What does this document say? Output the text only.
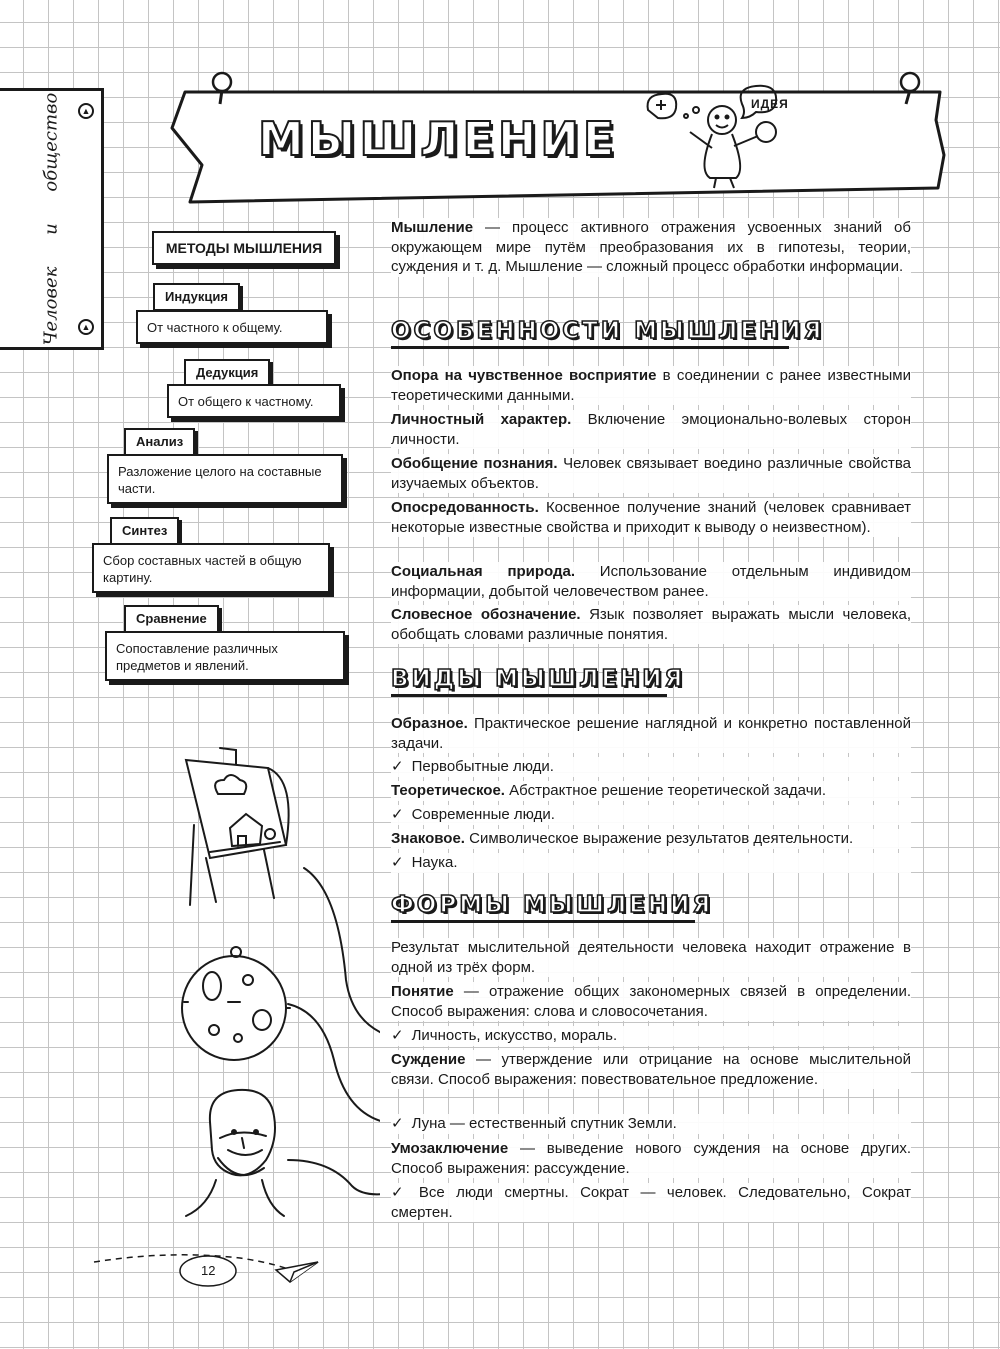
▲
Человек и общество	▲
МЫШЛЕНИЕ
ИДЕЯ
МЕТОДЫ МЫШЛЕНИЯ
Индукция
От частного к общему.
Дедукция
От общего к частному.
Анализ
Разложение целого на составные части.
Синтез
Сбор составных частей в общую картину.
Сравнение
Сопоставление различных предметов и явлений.
Мышление — процесс активного отражения усвоенных знаний об окружающем мире путём преобразования их в гипотезы, теории, суждения и т. д. Мышление — сложный процесс обработки информации.
ОСОБЕННОСТИ МЫШЛЕНИЯ
Опора на чувственное восприятие в соединении с ранее известными теоретическими данными.
Личностный характер. Включение эмоционально-волевых сторон личности.
Обобщение познания. Человек связывает воедино различные свойства изучаемых объектов.
Опосредованность. Косвенное получение знаний (человек сравнивает некоторые известные свойства и приходит к выводу о неизвестном).
Социальная природа. Использование отдельным индивидом информации, добытой человечеством ранее.
Словесное обозначение. Язык позволяет выражать мысли человека, обобщать словами различные понятия.
ВИДЫ МЫШЛЕНИЯ
Образное. Практическое решение наглядной и конкретно поставленной задачи.
✓ Первобытные люди.
Теоретическое. Абстрактное решение теоретической задачи.
✓ Современные люди.
Знаковое. Символическое выражение результатов деятельности.
✓ Наука.
ФОРМЫ МЫШЛЕНИЯ
Результат мыслительной деятельности человека находит отражение в одной из трёх форм.
Понятие — отражение общих закономерных связей в определении. Способ выражения: слова и словосочетания.
✓ Личность, искусство, мораль.
Суждение — утверждение или отрицание на основе мыслительной связи. Способ выражения: повествовательное предложение.
✓ Луна — естественный спутник Земли.
Умозаключение — выведение нового суждения на основе других. Способ выражения: рассуждение.
✓ Все люди смертны. Сократ — человек. Следовательно, Сократ смертен.
12
